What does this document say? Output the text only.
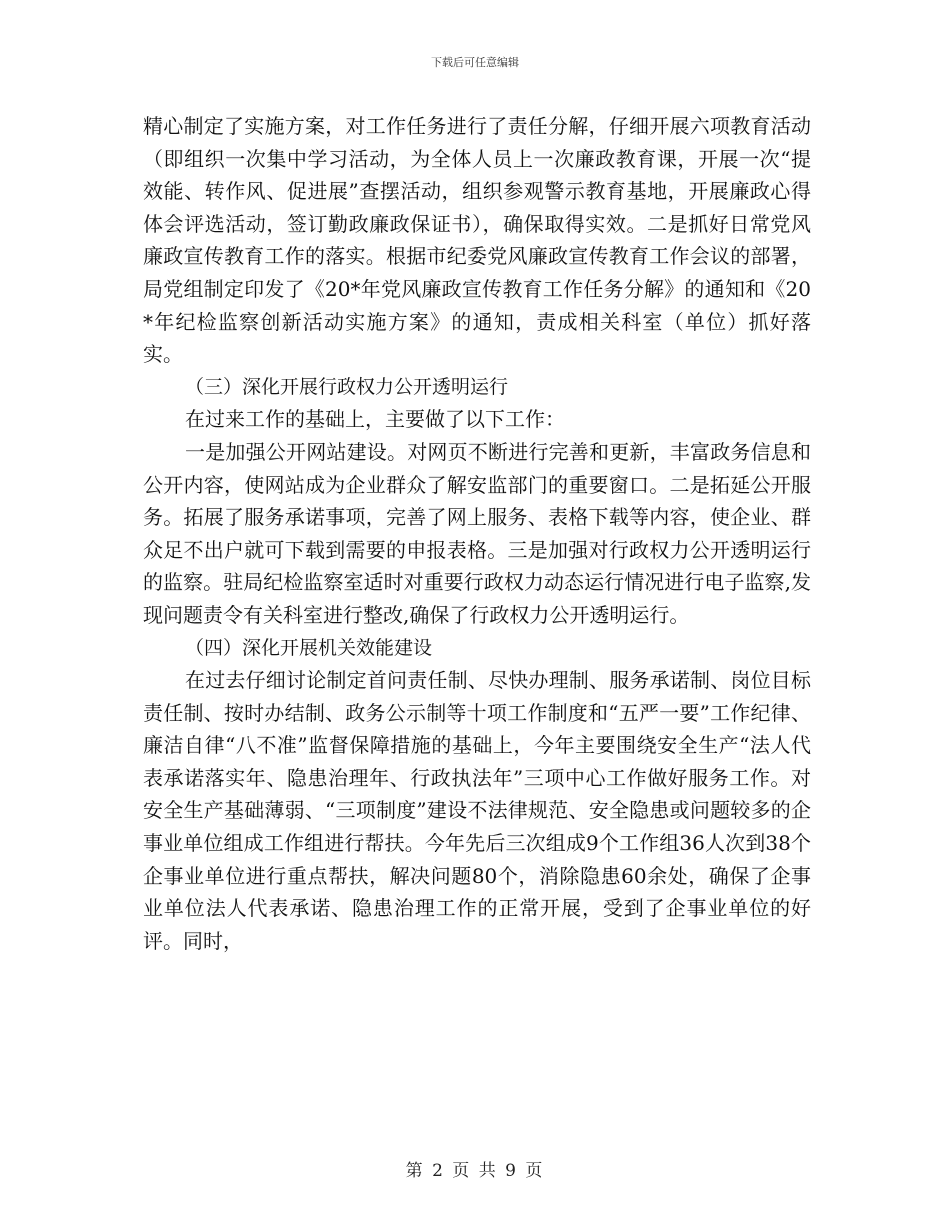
下载后可任意编辑

精心制定了实施方案，对工作任务进行了责任分解，仔细开展六项教育活动（即组织一次集中学习活动，为全体人员上一次廉政教育课，开展一次“提效能、转作风、促进展”查摆活动，组织参观警示教育基地，开展廉政心得体会评选活动，签订勤政廉政保证书），确保取得实效。二是抓好日常党风廉政宣传教育工作的落实。根据市纪委党风廉政宣传教育工作会议的部署，局党组制定印发了《20*年党风廉政宣传教育工作任务分解》的通知和《20*年纪检监察创新活动实施方案》的通知，责成相关科室（单位）抓好落实。

（三）深化开展行政权力公开透明运行

在过来工作的基础上，主要做了以下工作：

一是加强公开网站建设。对网页不断进行完善和更新，丰富政务信息和公开内容，使网站成为企业群众了解安监部门的重要窗口。二是拓延公开服务。拓展了服务承诺事项，完善了网上服务、表格下载等内容，使企业、群众足不出户就可下载到需要的申报表格。三是加强对行政权力公开透明运行的监察。驻局纪检监察室适时对重要行政权力动态运行情况进行电子监察,发现问题责令有关科室进行整改,确保了行政权力公开透明运行。

（四）深化开展机关效能建设

在过去仔细讨论制定首问责任制、尽快办理制、服务承诺制、岗位目标责任制、按时办结制、政务公示制等十项工作制度和“五严一要”工作纪律、廉洁自律“八不准”监督保障措施的基础上，今年主要围绕安全生产“法人代表承诺落实年、隐患治理年、行政执法年”三项中心工作做好服务工作。对安全生产基础薄弱、“三项制度”建设不法律规范、安全隐患或问题较多的企事业单位组成工作组进行帮扶。今年先后三次组成9个工作组36人次到38个企事业单位进行重点帮扶，解决问题80个，消除隐患60余处，确保了企事业单位法人代表承诺、隐患治理工作的正常开展，受到了企事业单位的好评。同时，

第 2 页 共 9 页
